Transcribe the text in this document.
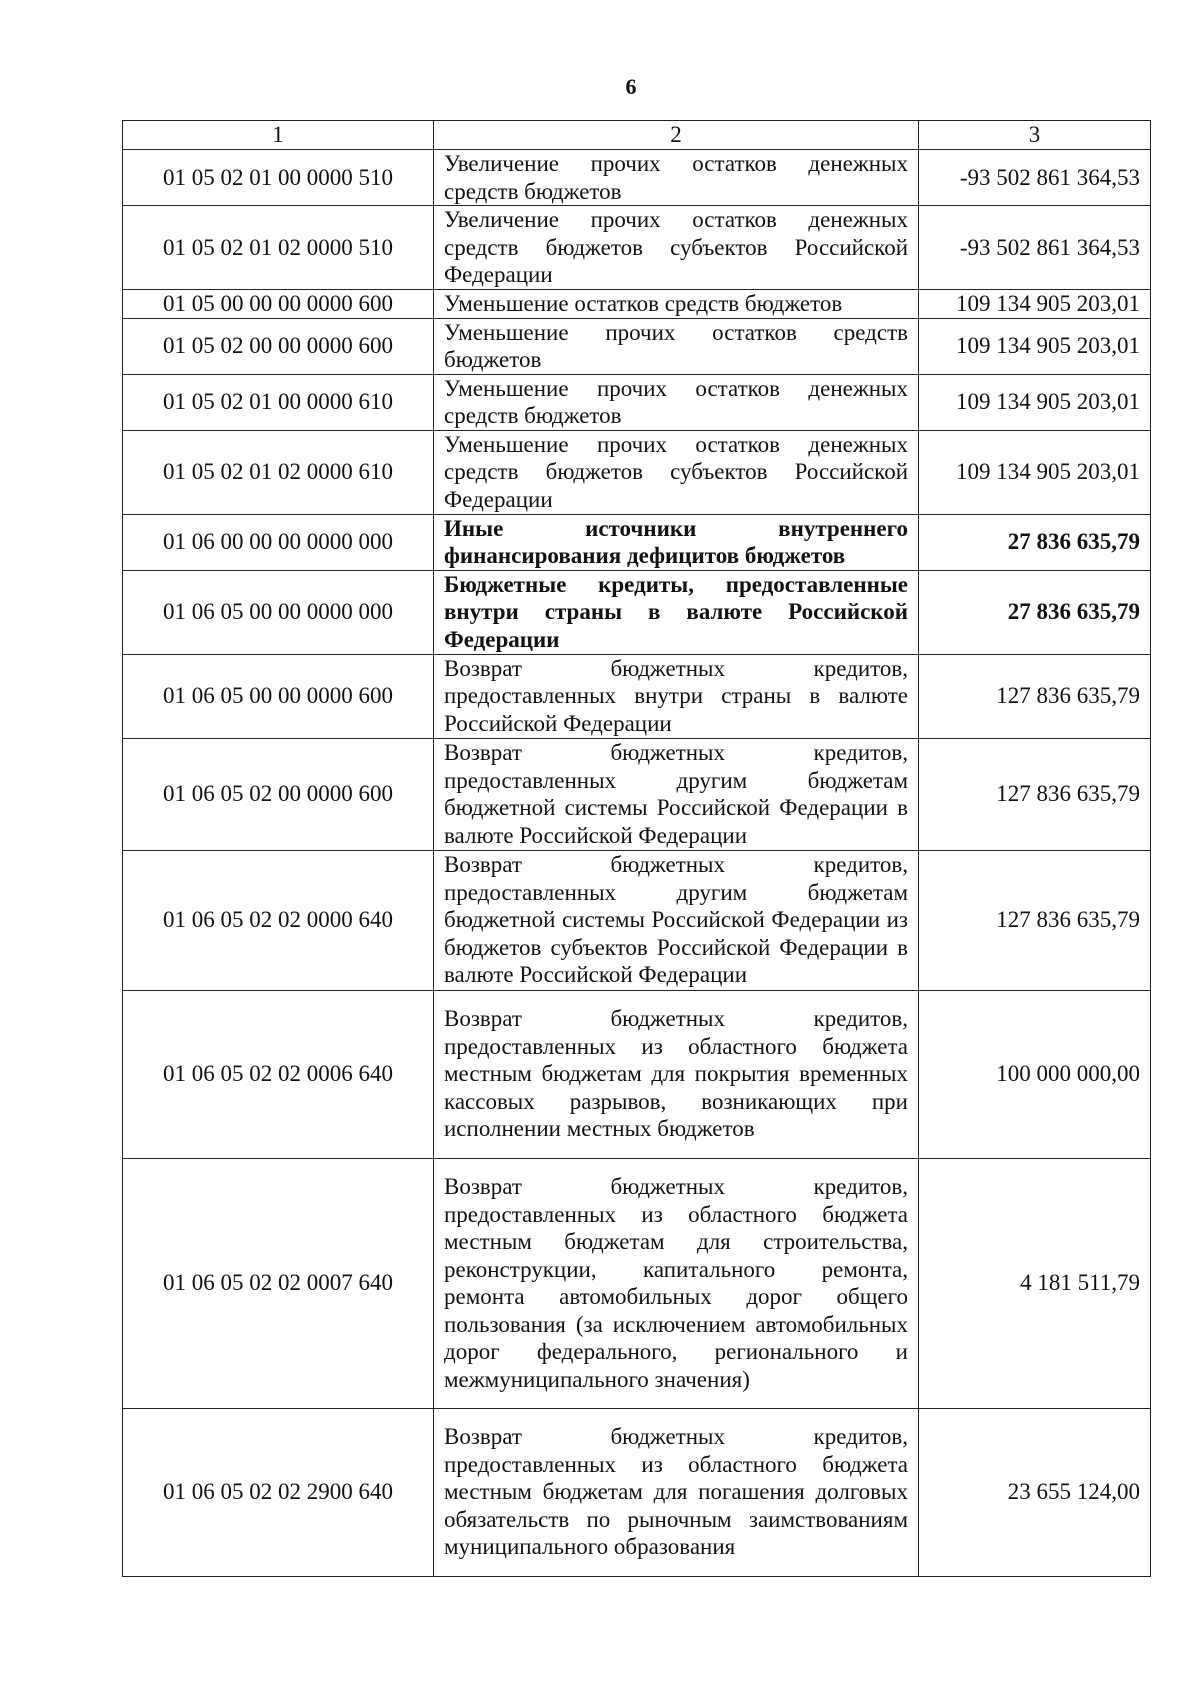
6
1	2	3
01 05 02 01 00 0000 510	Увеличение прочих остатков денежных средств бюджетов	-93 502 861 364,53
01 05 02 01 02 0000 510	Увеличение прочих остатков денежных средств бюджетов субъектов Российской Федерации	-93 502 861 364,53
01 05 00 00 00 0000 600	Уменьшение остатков средств бюджетов	109 134 905 203,01
01 05 02 00 00 0000 600	Уменьшение прочих остатков средств бюджетов	109 134 905 203,01
01 05 02 01 00 0000 610	Уменьшение прочих остатков денежных средств бюджетов	109 134 905 203,01
01 05 02 01 02 0000 610	Уменьшение прочих остатков денежных средств бюджетов субъектов Российской Федерации	109 134 905 203,01
01 06 00 00 00 0000 000	Иные источники внутреннего финансирования дефицитов бюджетов	27 836 635,79
01 06 05 00 00 0000 000	Бюджетные кредиты, предоставленные внутри страны в валюте Российской Федерации	27 836 635,79
01 06 05 00 00 0000 600	Возврат бюджетных кредитов, предоставленных внутри страны в валюте Российской Федерации	127 836 635,79
01 06 05 02 00 0000 600	Возврат бюджетных кредитов, предоставленных другим бюджетам бюджетной системы Российской Федерации в валюте Российской Федерации	127 836 635,79
01 06 05 02 02 0000 640	Возврат бюджетных кредитов, предоставленных другим бюджетам бюджетной системы Российской Федерации из бюджетов субъектов Российской Федерации в валюте Российской Федерации	127 836 635,79
01 06 05 02 02 0006 640	Возврат бюджетных кредитов, предоставленных из областного бюджета местным бюджетам для покрытия временных кассовых разрывов, возникающих при исполнении местных бюджетов	100 000 000,00
01 06 05 02 02 0007 640	Возврат бюджетных кредитов, предоставленных из областного бюджета местным бюджетам для строительства, реконструкции, капитального ремонта, ремонта автомобильных дорог общего пользования (за исключением автомобильных дорог федерального, регионального и межмуниципального значения)	4 181 511,79
01 06 05 02 02 2900 640	Возврат бюджетных кредитов, предоставленных из областного бюджета местным бюджетам для погашения долговых обязательств по рыночным заимствованиям муниципального образования	23 655 124,00
